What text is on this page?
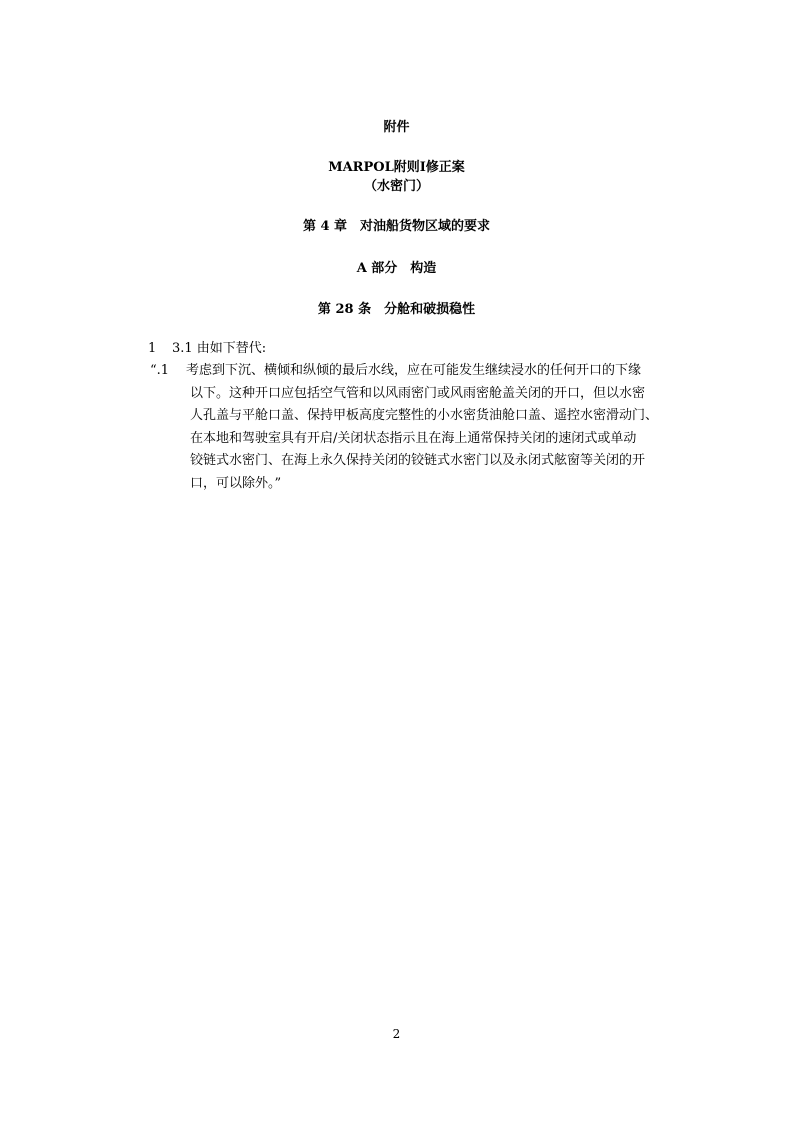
附件
MARPOL附则I修正案
（水密门）
第 4 章　对油船货物区域的要求
A 部分　构造
第 28 条　分舱和破损稳性
1 3.1 由如下替代:
“.1 考虑到下沉、横倾和纵倾的最后水线，应在可能发生继续浸水的任何开口的下缘
以下。这种开口应包括空气管和以风雨密门或风雨密舱盖关闭的开口，但以水密
人孔盖与平舱口盖、保持甲板高度完整性的小水密货油舱口盖、遥控水密滑动门、
在本地和驾驶室具有开启/关闭状态指示且在海上通常保持关闭的速闭式或单动
铰链式水密门、在海上永久保持关闭的铰链式水密门以及永闭式舷窗等关闭的开
口，可以除外。”
2
